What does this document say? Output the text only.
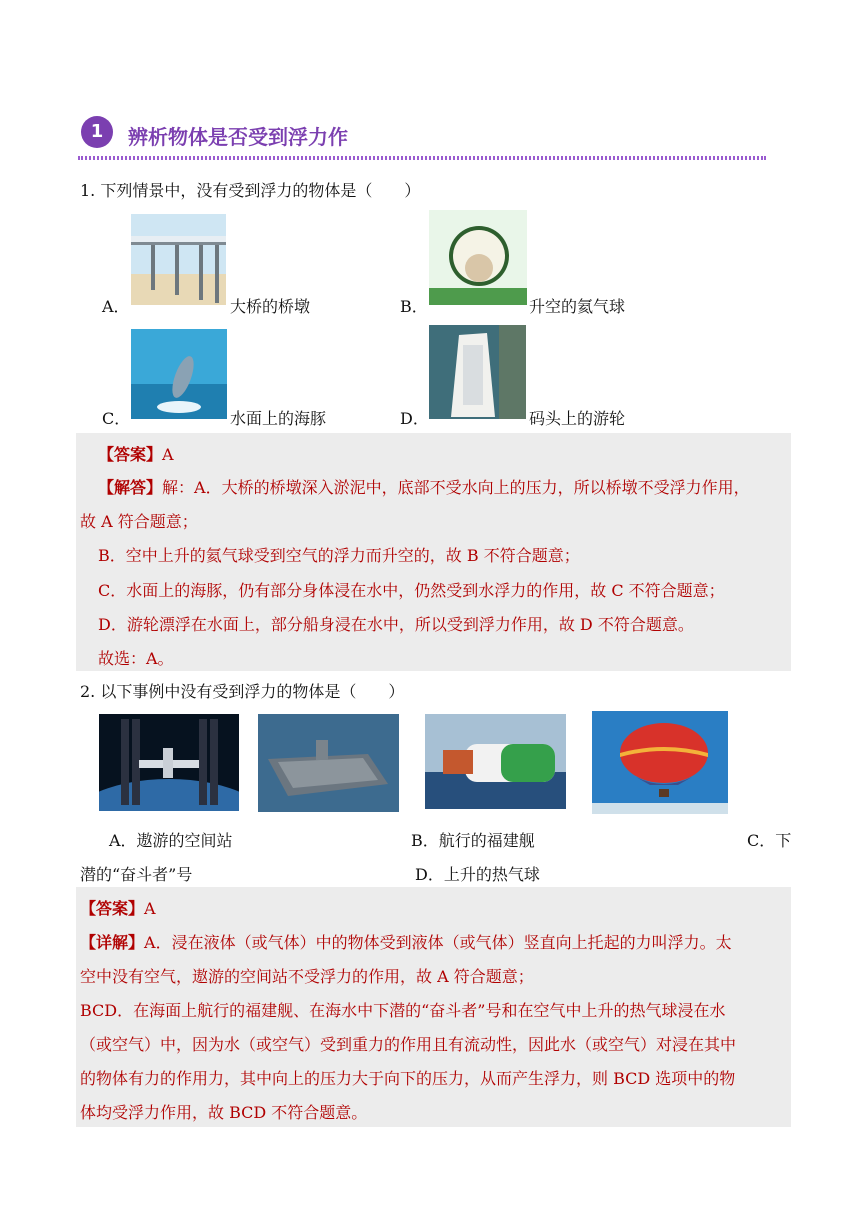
1	辨析物体是否受到浮力作
1. 下列情景中，没有受到浮力的物体是（　　）
A．	大桥的桥墩	B．	升空的氦气球
C．	水面上的海豚	D．	码头上的游轮
【答案】A
【解答】解：A．大桥的桥墩深入淤泥中，底部不受水向上的压力，所以桥墩不受浮力作用，
故 A 符合题意；
B．空中上升的氦气球受到空气的浮力而升空的，故 B 不符合题意；
C．水面上的海豚，仍有部分身体浸在水中，仍然受到水浮力的作用，故 C 不符合题意；
D．游轮漂浮在水面上，部分船身浸在水中，所以受到浮力作用，故 D 不符合题意。
故选：A。
2. 以下事例中没有受到浮力的物体是（　　）
A．遨游的空间站	B．航行的福建舰	C．下
潜的“奋斗者”号	D．上升的热气球
【答案】A
【详解】A．浸在液体（或气体）中的物体受到液体（或气体）竖直向上托起的力叫浮力。太
空中没有空气，遨游的空间站不受浮力的作用，故 A 符合题意；
BCD．在海面上航行的福建舰、在海水中下潜的“奋斗者”号和在空气中上升的热气球浸在水
（或空气）中，因为水（或空气）受到重力的作用且有流动性，因此水（或空气）对浸在其中
的物体有力的作用力，其中向上的压力大于向下的压力，从而产生浮力，则 BCD 选项中的物
体均受浮力作用，故 BCD 不符合题意。
